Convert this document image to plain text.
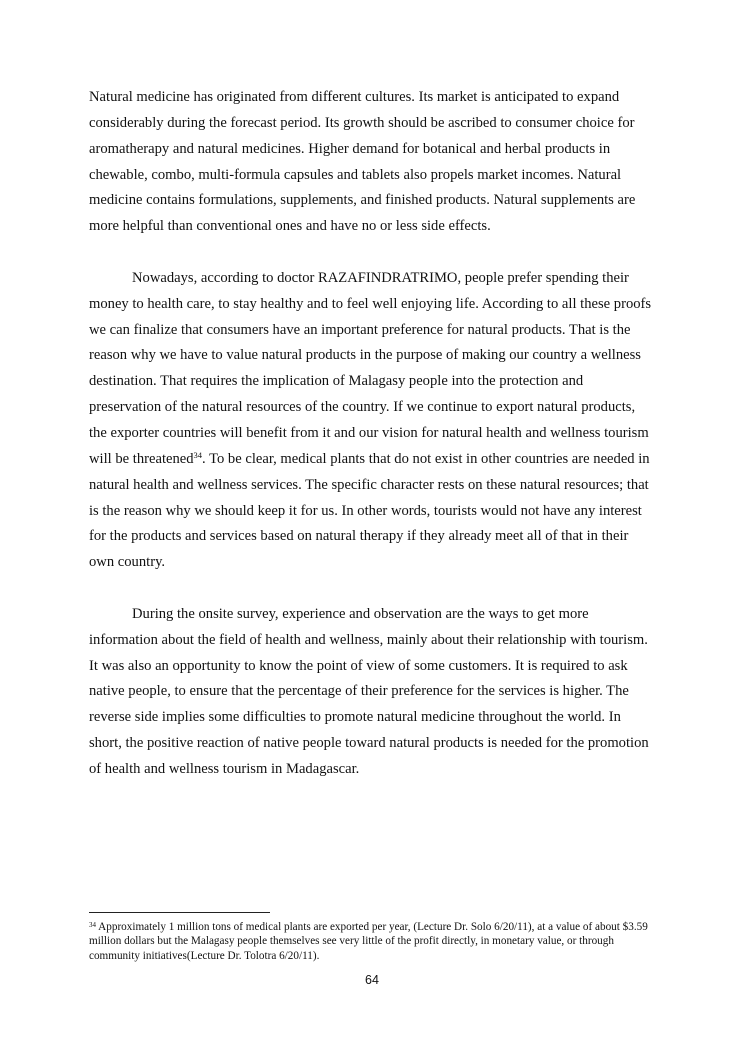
Natural medicine has originated from different cultures. Its market is anticipated to expand considerably during the forecast period. Its growth should be ascribed to consumer choice for aromatherapy and natural medicines. Higher demand for botanical and herbal products in chewable, combo, multi-formula capsules and tablets also propels market incomes. Natural medicine contains formulations, supplements, and finished products. Natural supplements are more helpful than conventional ones and have no or less side effects.

Nowadays, according to doctor RAZAFINDRATRIMO, people prefer spending their money to health care, to stay healthy and to feel well enjoying life. According to all these proofs we can finalize that consumers have an important preference for natural products. That is the reason why we have to value natural products in the purpose of making our country a wellness destination. That requires the implication of Malagasy people into the protection and preservation of the natural resources of the country. If we continue to export natural products, the exporter countries will benefit from it and our vision for natural health and wellness tourism will be threatened$^{34}$. To be clear, medical plants that do not exist in other countries are needed in natural health and wellness services. The specific character rests on these natural resources; that is the reason why we should keep it for us. In other words, tourists would not have any interest for the products and services based on natural therapy if they already meet all of that in their own country.

During the onsite survey, experience and observation are the ways to get more information about the field of health and wellness, mainly about their relationship with tourism. It was also an opportunity to know the point of view of some customers. It is required to ask native people, to ensure that the percentage of their preference for the services is higher. The reverse side implies some difficulties to promote natural medicine throughout the world. In short, the positive reaction of native people toward natural products is needed for the promotion of health and wellness tourism in Madagascar.

$^{34}$ Approximately 1 million tons of medical plants are exported per year, (Lecture Dr. Solo 6/20/11), at a value of about $3.59 million dollars but the Malagasy people themselves see very little of the profit directly, in monetary value, or through community initiatives(Lecture Dr. Tolotra 6/20/11).

64
